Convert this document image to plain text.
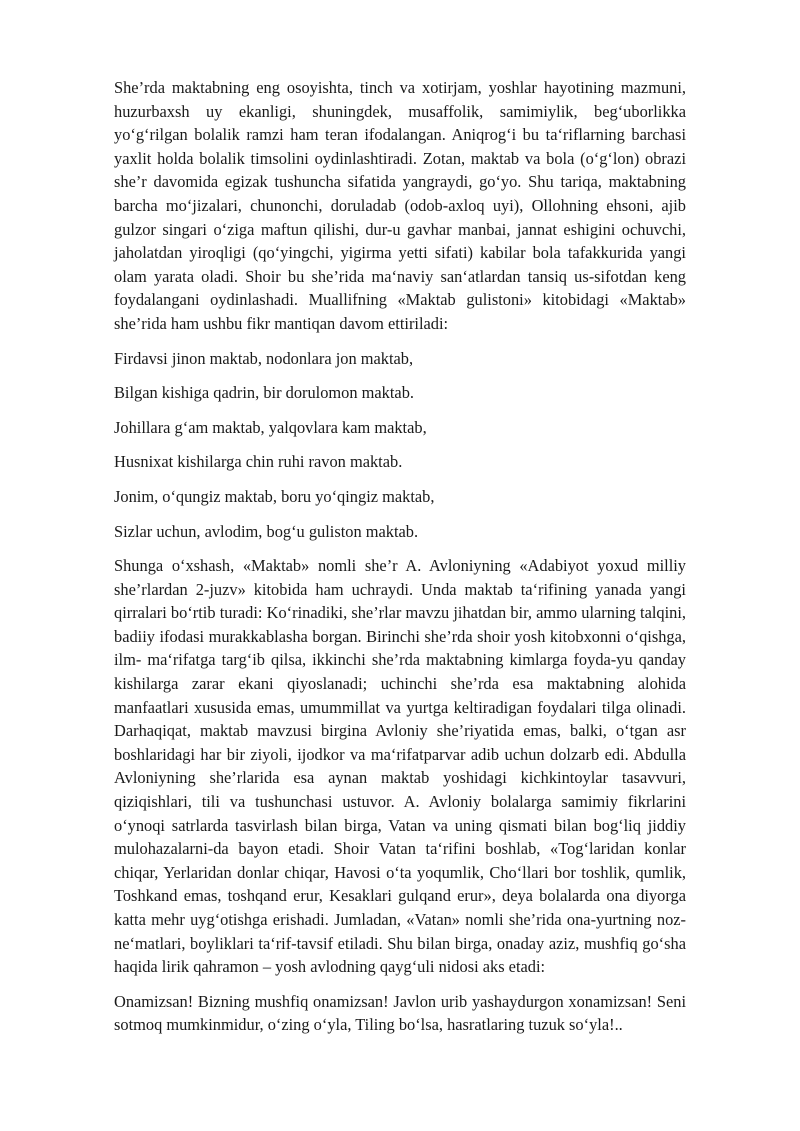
She’rda maktabning eng osoyishta, tinch va xotirjam, yoshlar hayotining mazmuni, huzurbaxsh uy ekanligi, shuningdek, musaffolik, samimiylik, beg‘uborlikka yo‘g‘rilgan bolalik ramzi ham teran ifodalangan. Aniqrog‘i bu ta‘riflarning barchasi yaxlit holda bolalik timsolini oydinlashtiradi. Zotan, maktab va bola (o‘g‘lon) obrazi she’r davomida egizak tushuncha sifatida yangraydi, go‘yo. Shu tariqa, maktabning barcha mo‘jizalari, chunonchi, doruladab (odob-axloq uyi), Ollohning ehsoni, ajib gulzor singari o‘ziga maftun qilishi, dur-u gavhar manbai, jannat eshigini ochuvchi, jaholatdan yiroqligi (qo‘yingchi, yigirma yetti sifati) kabilar bola tafakkurida yangi olam yarata oladi. Shoir bu she’rida ma‘naviy san‘atlardan tansiq us-sifotdan keng foydalangani oydinlashadi. Muallifning «Maktab gulistoni» kitobidagi «Maktab» she’rida ham ushbu fikr mantiqan davom ettiriladi:

Firdavsi jinon maktab, nodonlara jon maktab,

Bilgan kishiga qadrin, bir dorulomon maktab.

Johillara g‘am maktab, yalqovlara kam maktab,

Husnixat kishilarga chin ruhi ravon maktab.

Jonim, o‘qungiz maktab, boru yo‘qingiz maktab,

Sizlar uchun, avlodim, bog‘u guliston maktab.

Shunga o‘xshash, «Maktab» nomli she’r A. Avloniyning «Adabiyot yoxud milliy she’rlardan 2-juzv» kitobida ham uchraydi. Unda maktab ta‘rifining yanada yangi qirralari bo‘rtib turadi: Ko‘rinadiki, she’rlar mavzu jihatdan bir, ammo ularning talqini, badiiy ifodasi murakkablasha borgan. Birinchi she’rda shoir yosh kitobxonni o‘qishga, ilm- ma‘rifatga targ‘ib qilsa, ikkinchi she’rda maktabning kimlarga foyda-yu qanday kishilarga zarar ekani qiyoslanadi; uchinchi she’rda esa maktabning alohida manfaatlari xususida emas, umummillat va yurtga keltiradigan foydalari tilga olinadi. Darhaqiqat, maktab mavzusi birgina Avloniy she’riyatida emas, balki, o‘tgan asr boshlaridagi har bir ziyoli, ijodkor va ma‘rifatparvar adib uchun dolzarb edi. Abdulla Avloniyning she’rlarida esa aynan maktab yoshidagi kichkintoylar tasavvuri, qiziqishlari, tili va tushunchasi ustuvor. A. Avloniy bolalarga samimiy fikrlarini o‘ynoqi satrlarda tasvirlash bilan birga, Vatan va uning qismati bilan bog‘liq jiddiy mulohazalarni-da bayon etadi. Shoir Vatan ta‘rifini boshlab, «Tog‘laridan konlar chiqar, Yerlaridan donlar chiqar, Havosi o‘ta yoqumlik, Cho‘llari bor toshlik, qumlik, Toshkand emas, toshqand erur, Kesaklari gulqand erur», deya bolalarda ona diyorga katta mehr uyg‘otishga erishadi. Jumladan, «Vatan» nomli she’rida ona-yurtning noz-ne‘matlari, boyliklari ta‘rif-tavsif etiladi. Shu bilan birga, onaday aziz, mushfiq go‘sha haqida lirik qahramon – yosh avlodning qayg‘uli nidosi aks etadi:

Onamizsan! Bizning mushfiq onamizsan! Javlon urib yashaydurgon xonamizsan! Seni sotmoq mumkinmidur, o‘zing o‘yla, Tiling bo‘lsa, hasratlaring tuzuk so‘yla!..
